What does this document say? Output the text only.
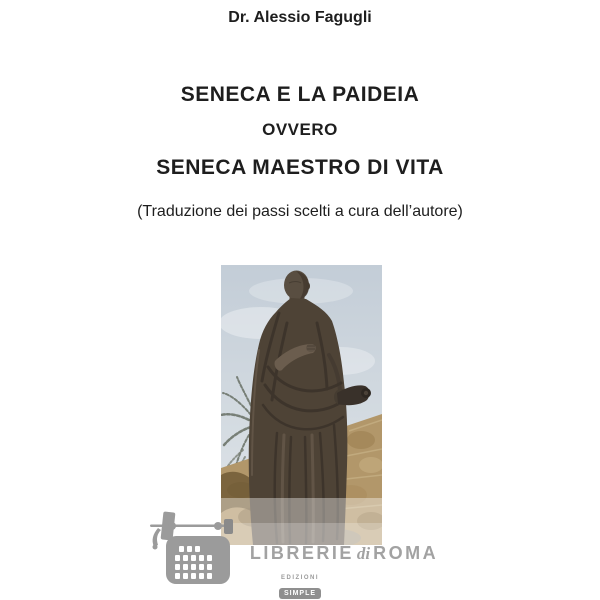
Dr. Alessio Fagugli
SENECA E LA PAIDEIA
OVVERO
SENECA MAESTRO DI VITA
(Traduzione dei passi scelti a cura dell’autore)
LIBRERIE di ROMA
EDIZIONI
SIMPLE
